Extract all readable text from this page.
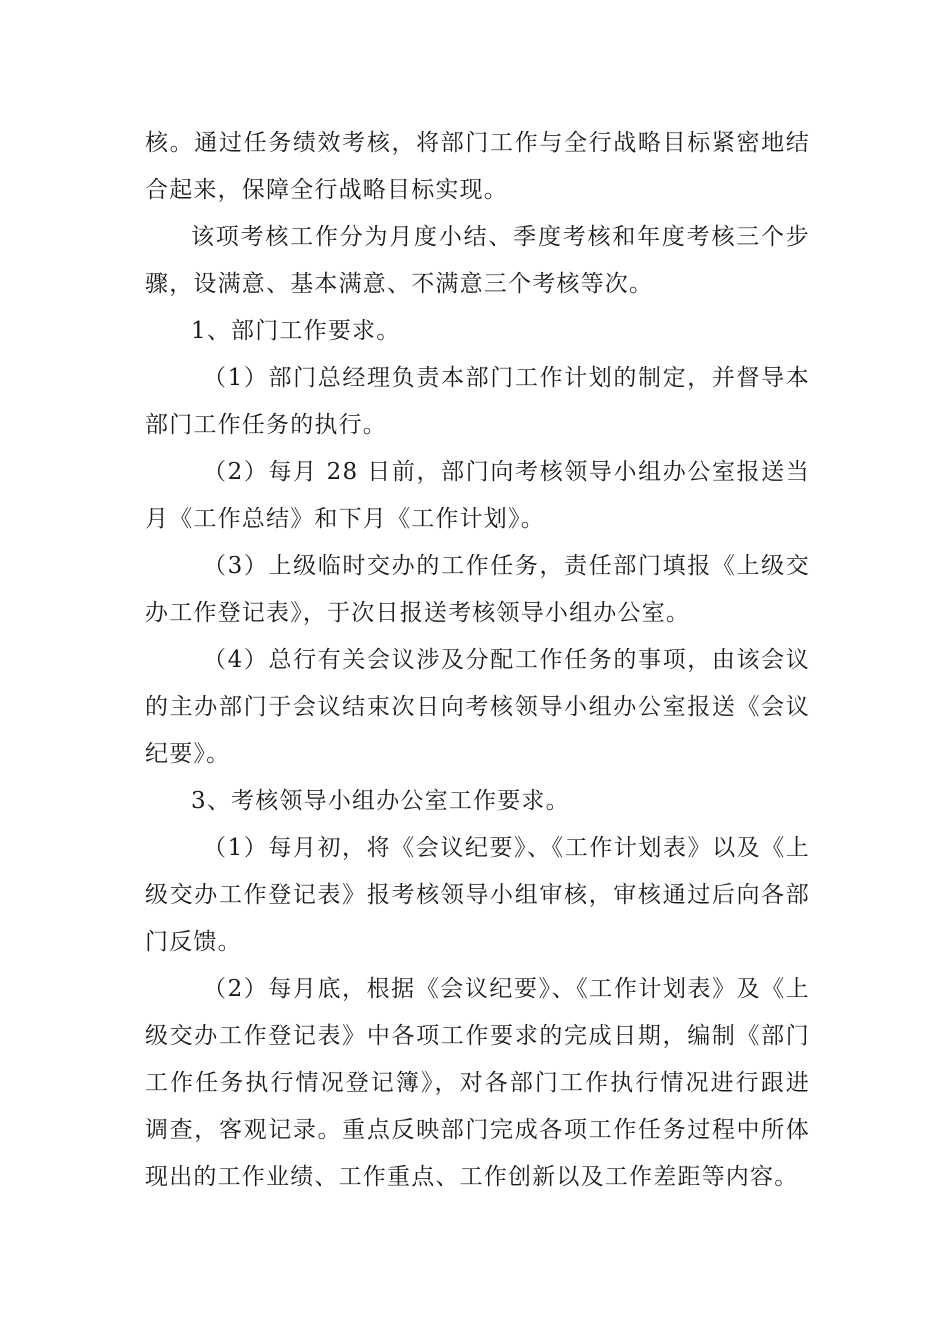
核。通过任务绩效考核，将部门工作与全行战略目标紧密地结合起来，保障全行战略目标实现。

该项考核工作分为月度小结、季度考核和年度考核三个步骤，设满意、基本满意、不满意三个考核等次。

1、部门工作要求。

（1）部门总经理负责本部门工作计划的制定，并督导本部门工作任务的执行。

（2）每月 28 日前，部门向考核领导小组办公室报送当月《工作总结》和下月《工作计划》。

（3）上级临时交办的工作任务，责任部门填报《上级交办工作登记表》，于次日报送考核领导小组办公室。

（4）总行有关会议涉及分配工作任务的事项，由该会议的主办部门于会议结束次日向考核领导小组办公室报送《会议纪要》。

3、考核领导小组办公室工作要求。

（1）每月初，将《会议纪要》、《工作计划表》以及《上级交办工作登记表》报考核领导小组审核，审核通过后向各部门反馈。

（2）每月底，根据《会议纪要》、《工作计划表》及《上级交办工作登记表》中各项工作要求的完成日期，编制《部门工作任务执行情况登记簿》，对各部门工作执行情况进行跟进调查，客观记录。重点反映部门完成各项工作任务过程中所体现出的工作业绩、工作重点、工作创新以及工作差距等内容。
